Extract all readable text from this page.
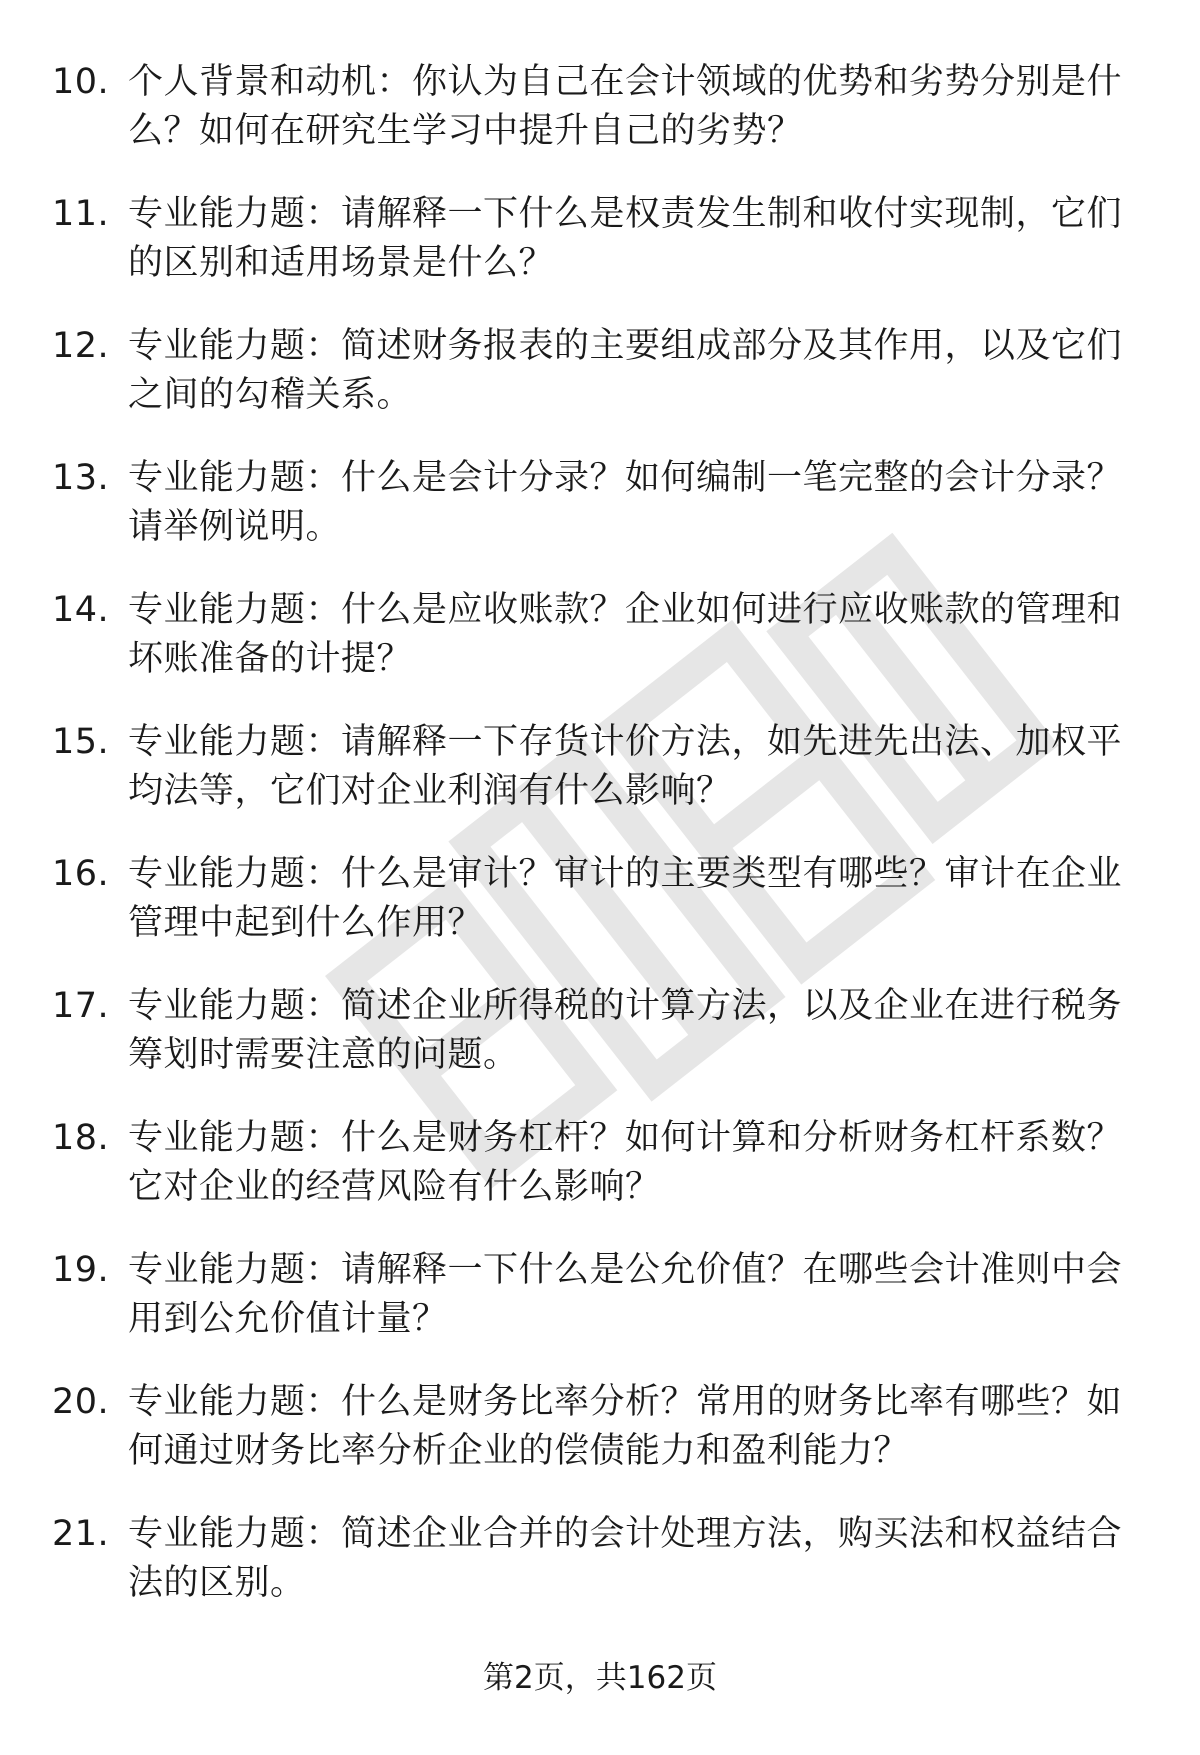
10. 个人背景和动机：你认为自己在会计领域的优势和劣势分别是什么？如何在研究生学习中提升自己的劣势？
11. 专业能力题：请解释一下什么是权责发生制和收付实现制，它们的区别和适用场景是什么？
12. 专业能力题：简述财务报表的主要组成部分及其作用，以及它们之间的勾稽关系。
13. 专业能力题：什么是会计分录？如何编制一笔完整的会计分录？请举例说明。
14. 专业能力题：什么是应收账款？企业如何进行应收账款的管理和坏账准备的计提？
15. 专业能力题：请解释一下存货计价方法，如先进先出法、加权平均法等，它们对企业利润有什么影响？
16. 专业能力题：什么是审计？审计的主要类型有哪些？审计在企业管理中起到什么作用？
17. 专业能力题：简述企业所得税的计算方法，以及企业在进行税务筹划时需要注意的问题。
18. 专业能力题：什么是财务杠杆？如何计算和分析财务杠杆系数？它对企业的经营风险有什么影响？
19. 专业能力题：请解释一下什么是公允价值？在哪些会计准则中会用到公允价值计量？
20. 专业能力题：什么是财务比率分析？常用的财务比率有哪些？如何通过财务比率分析企业的偿债能力和盈利能力？
21. 专业能力题：简述企业合并的会计处理方法，购买法和权益结合法的区别。
第2页，共162页
